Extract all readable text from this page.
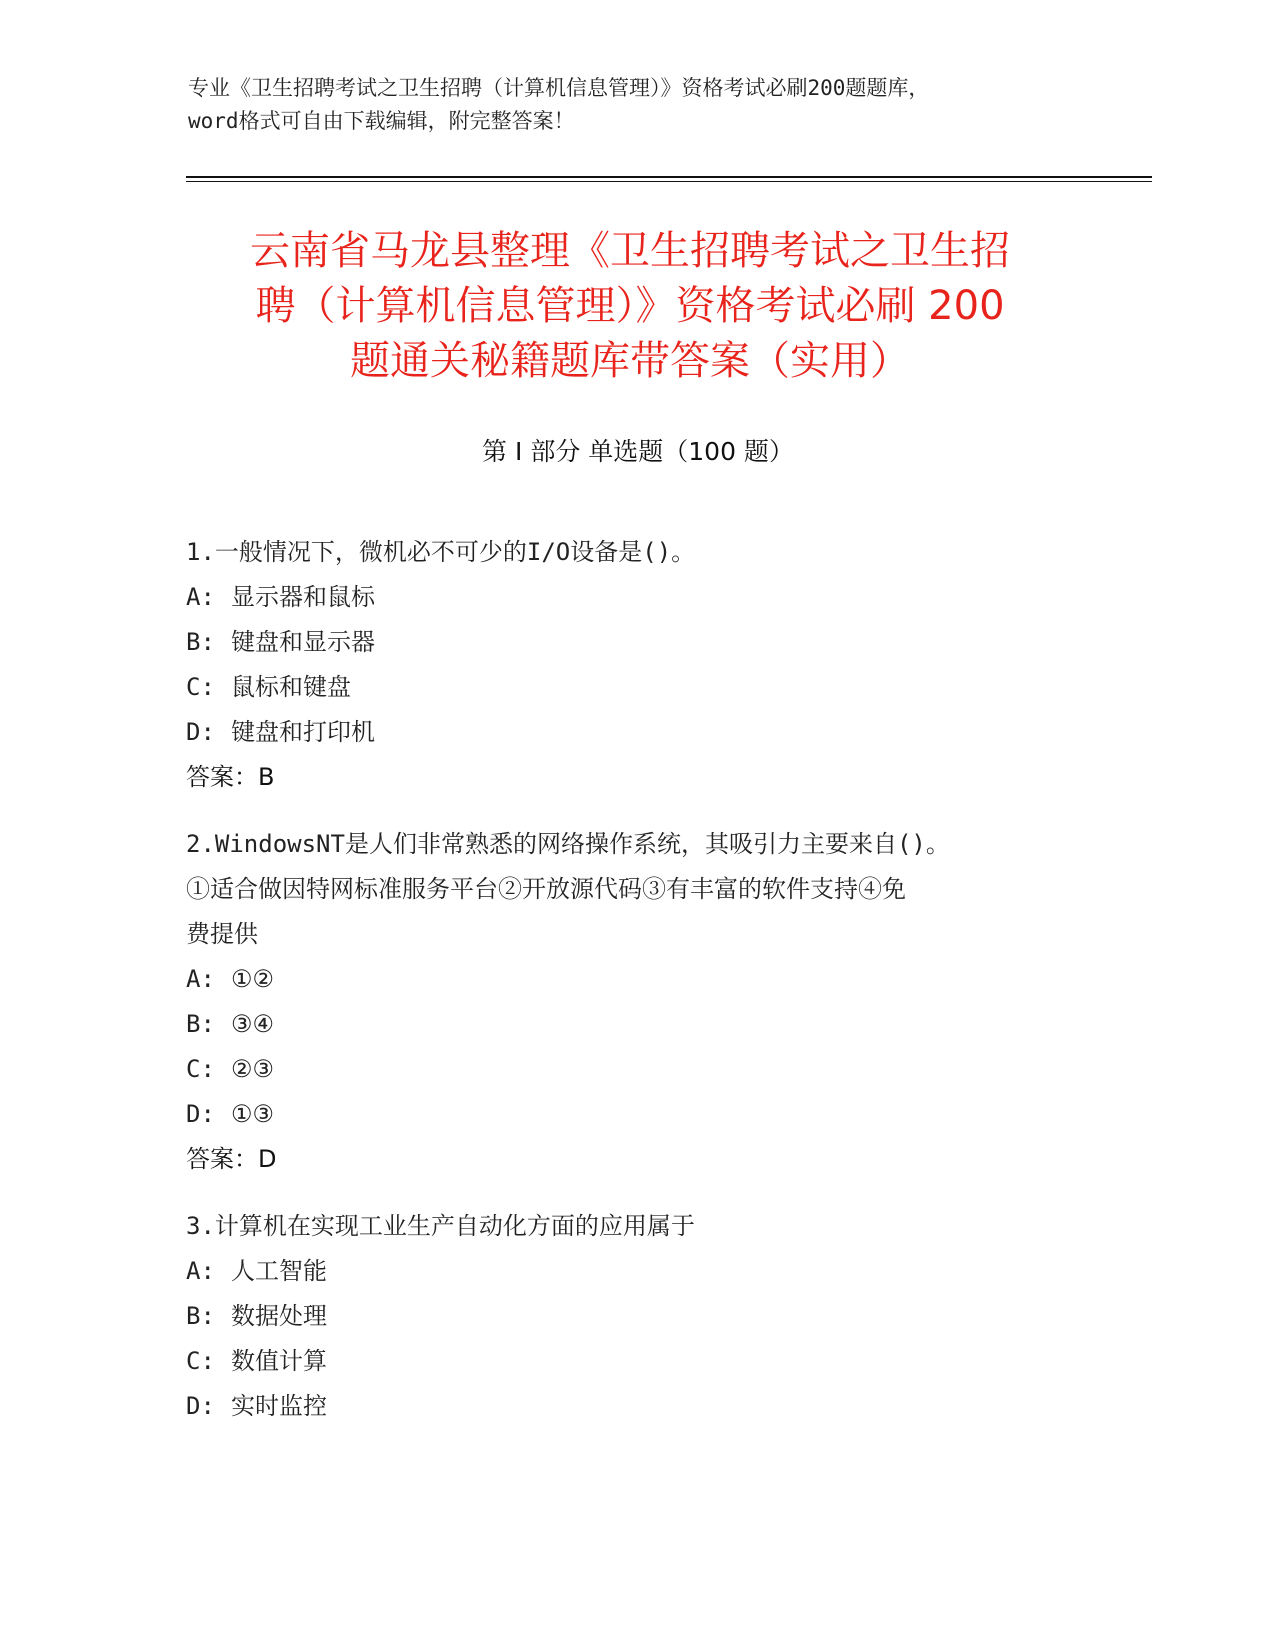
专业《卫生招聘考试之卫生招聘（计算机信息管理）》资格考试必刷200题题库，
word格式可自由下载编辑，附完整答案！
云南省马龙县整理《卫生招聘考试之卫生招
聘（计算机信息管理）》资格考试必刷 200
题通关秘籍题库带答案（实用）
第 I 部分 单选题（100 题）
1.一般情况下，微机必不可少的I/O设备是()。
A: 显示器和鼠标
B: 键盘和显示器
C: 鼠标和键盘
D: 键盘和打印机
答案：B
2.WindowsNT是人们非常熟悉的网络操作系统，其吸引力主要来自()。
①适合做因特网标准服务平台②开放源代码③有丰富的软件支持④免
费提供
A: ①②
B: ③④
C: ②③
D: ①③
答案：D
3.计算机在实现工业生产自动化方面的应用属于
A: 人工智能
B: 数据处理
C: 数值计算
D: 实时监控
